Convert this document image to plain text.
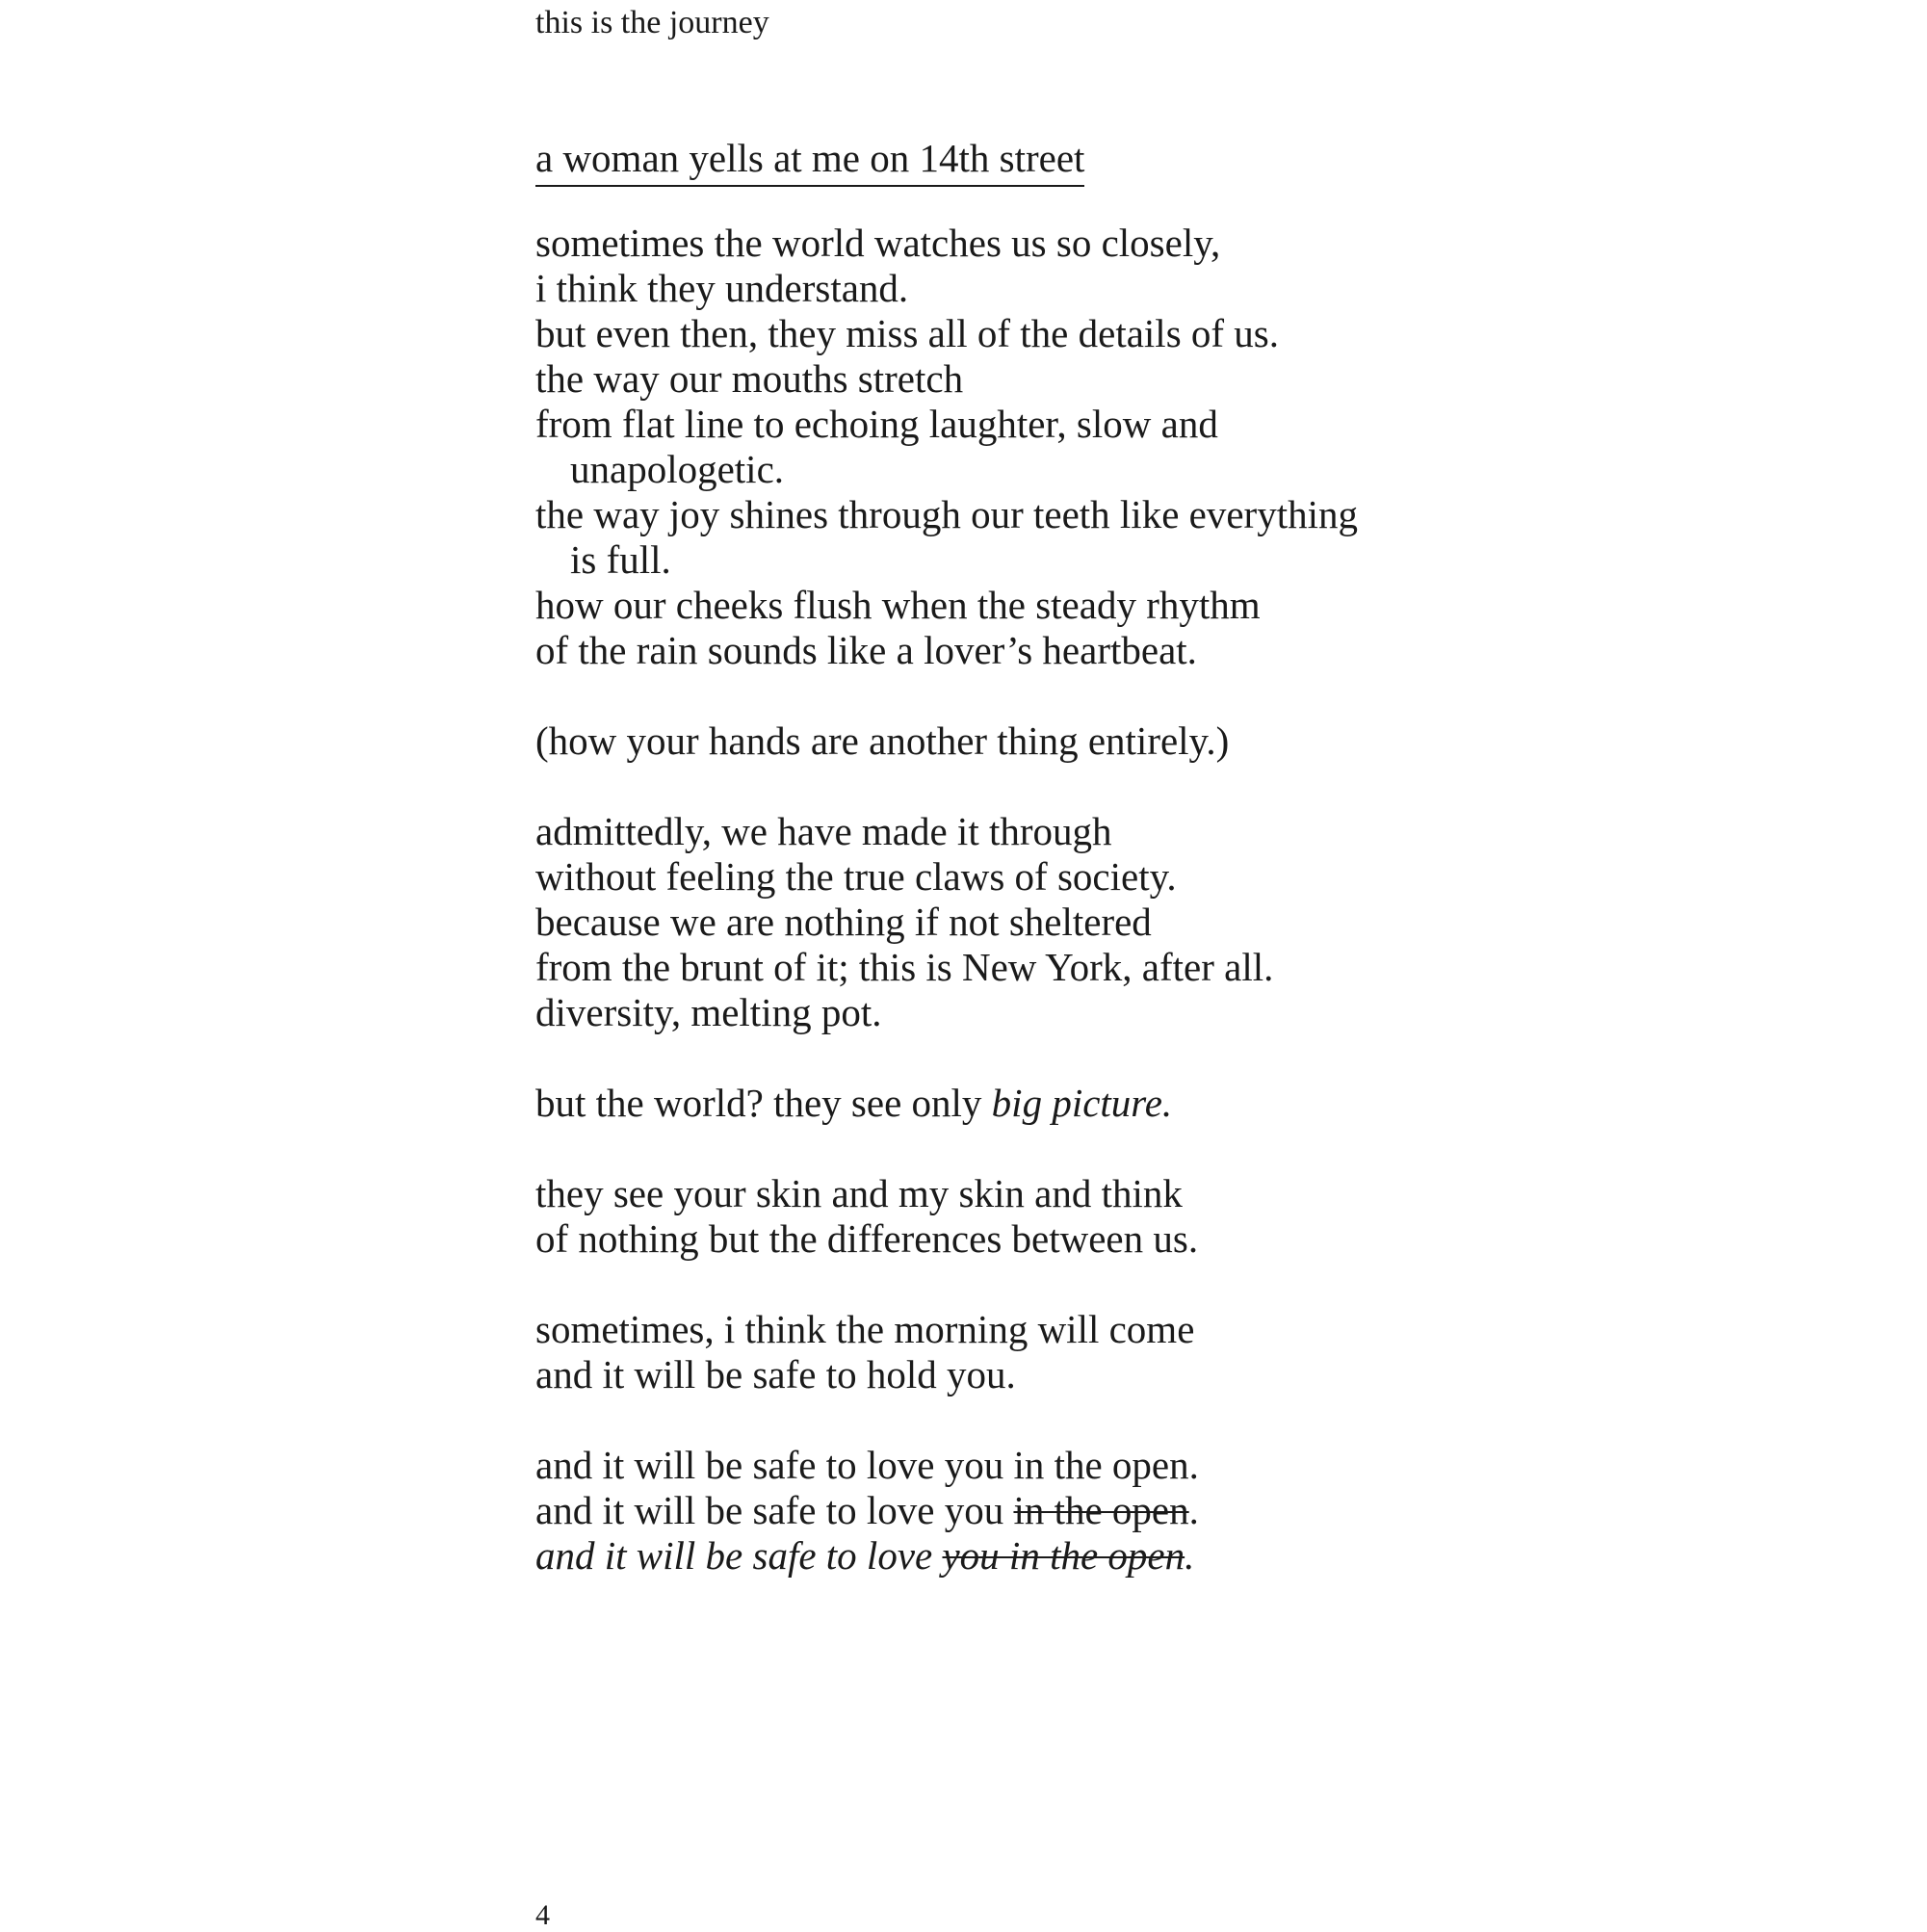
this is the journey
a woman yells at me on 14th street
sometimes the world watches us so closely,
i think they understand.
but even then, they miss all of the details of us.
the way our mouths stretch
from flat line to echoing laughter, slow and
unapologetic.
the way joy shines through our teeth like everything
is full.
how our cheeks flush when the steady rhythm
of the rain sounds like a lover’s heartbeat.
(how your hands are another thing entirely.)
admittedly, we have made it through
without feeling the true claws of society.
because we are nothing if not sheltered
from the brunt of it; this is New York, after all.
diversity, melting pot.
but the world? they see only big picture.
they see your skin and my skin and think
of nothing but the differences between us.
sometimes, i think the morning will come
and it will be safe to hold you.
and it will be safe to love you in the open.
and it will be safe to love you in the open.
and it will be safe to love you in the open.
4
